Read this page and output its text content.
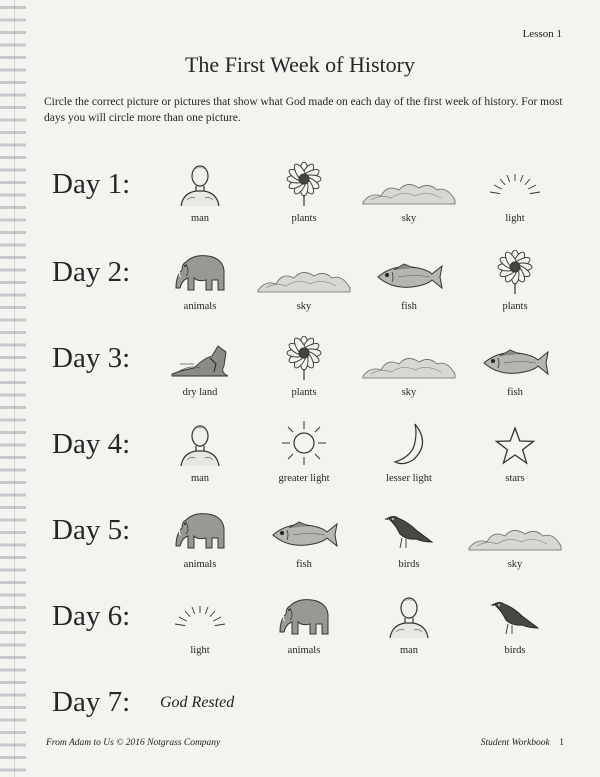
Lesson 1
The First Week of History
Circle the correct picture or pictures that show what God made on each day of the first week of history. For most days you will circle more than one picture.
Day 1:
man	plants	sky	light
Day 2:
animals	sky	fish	plants
Day 3:
dry land	plants	sky	fish
Day 4:
man	greater light	lesser light	stars
Day 5:
animals	fish	birds	sky
Day 6:
light	animals	man	birds
Day 7: God Rested
From Adam to Us © 2016 Notgrass Company	Student Workbook 1
